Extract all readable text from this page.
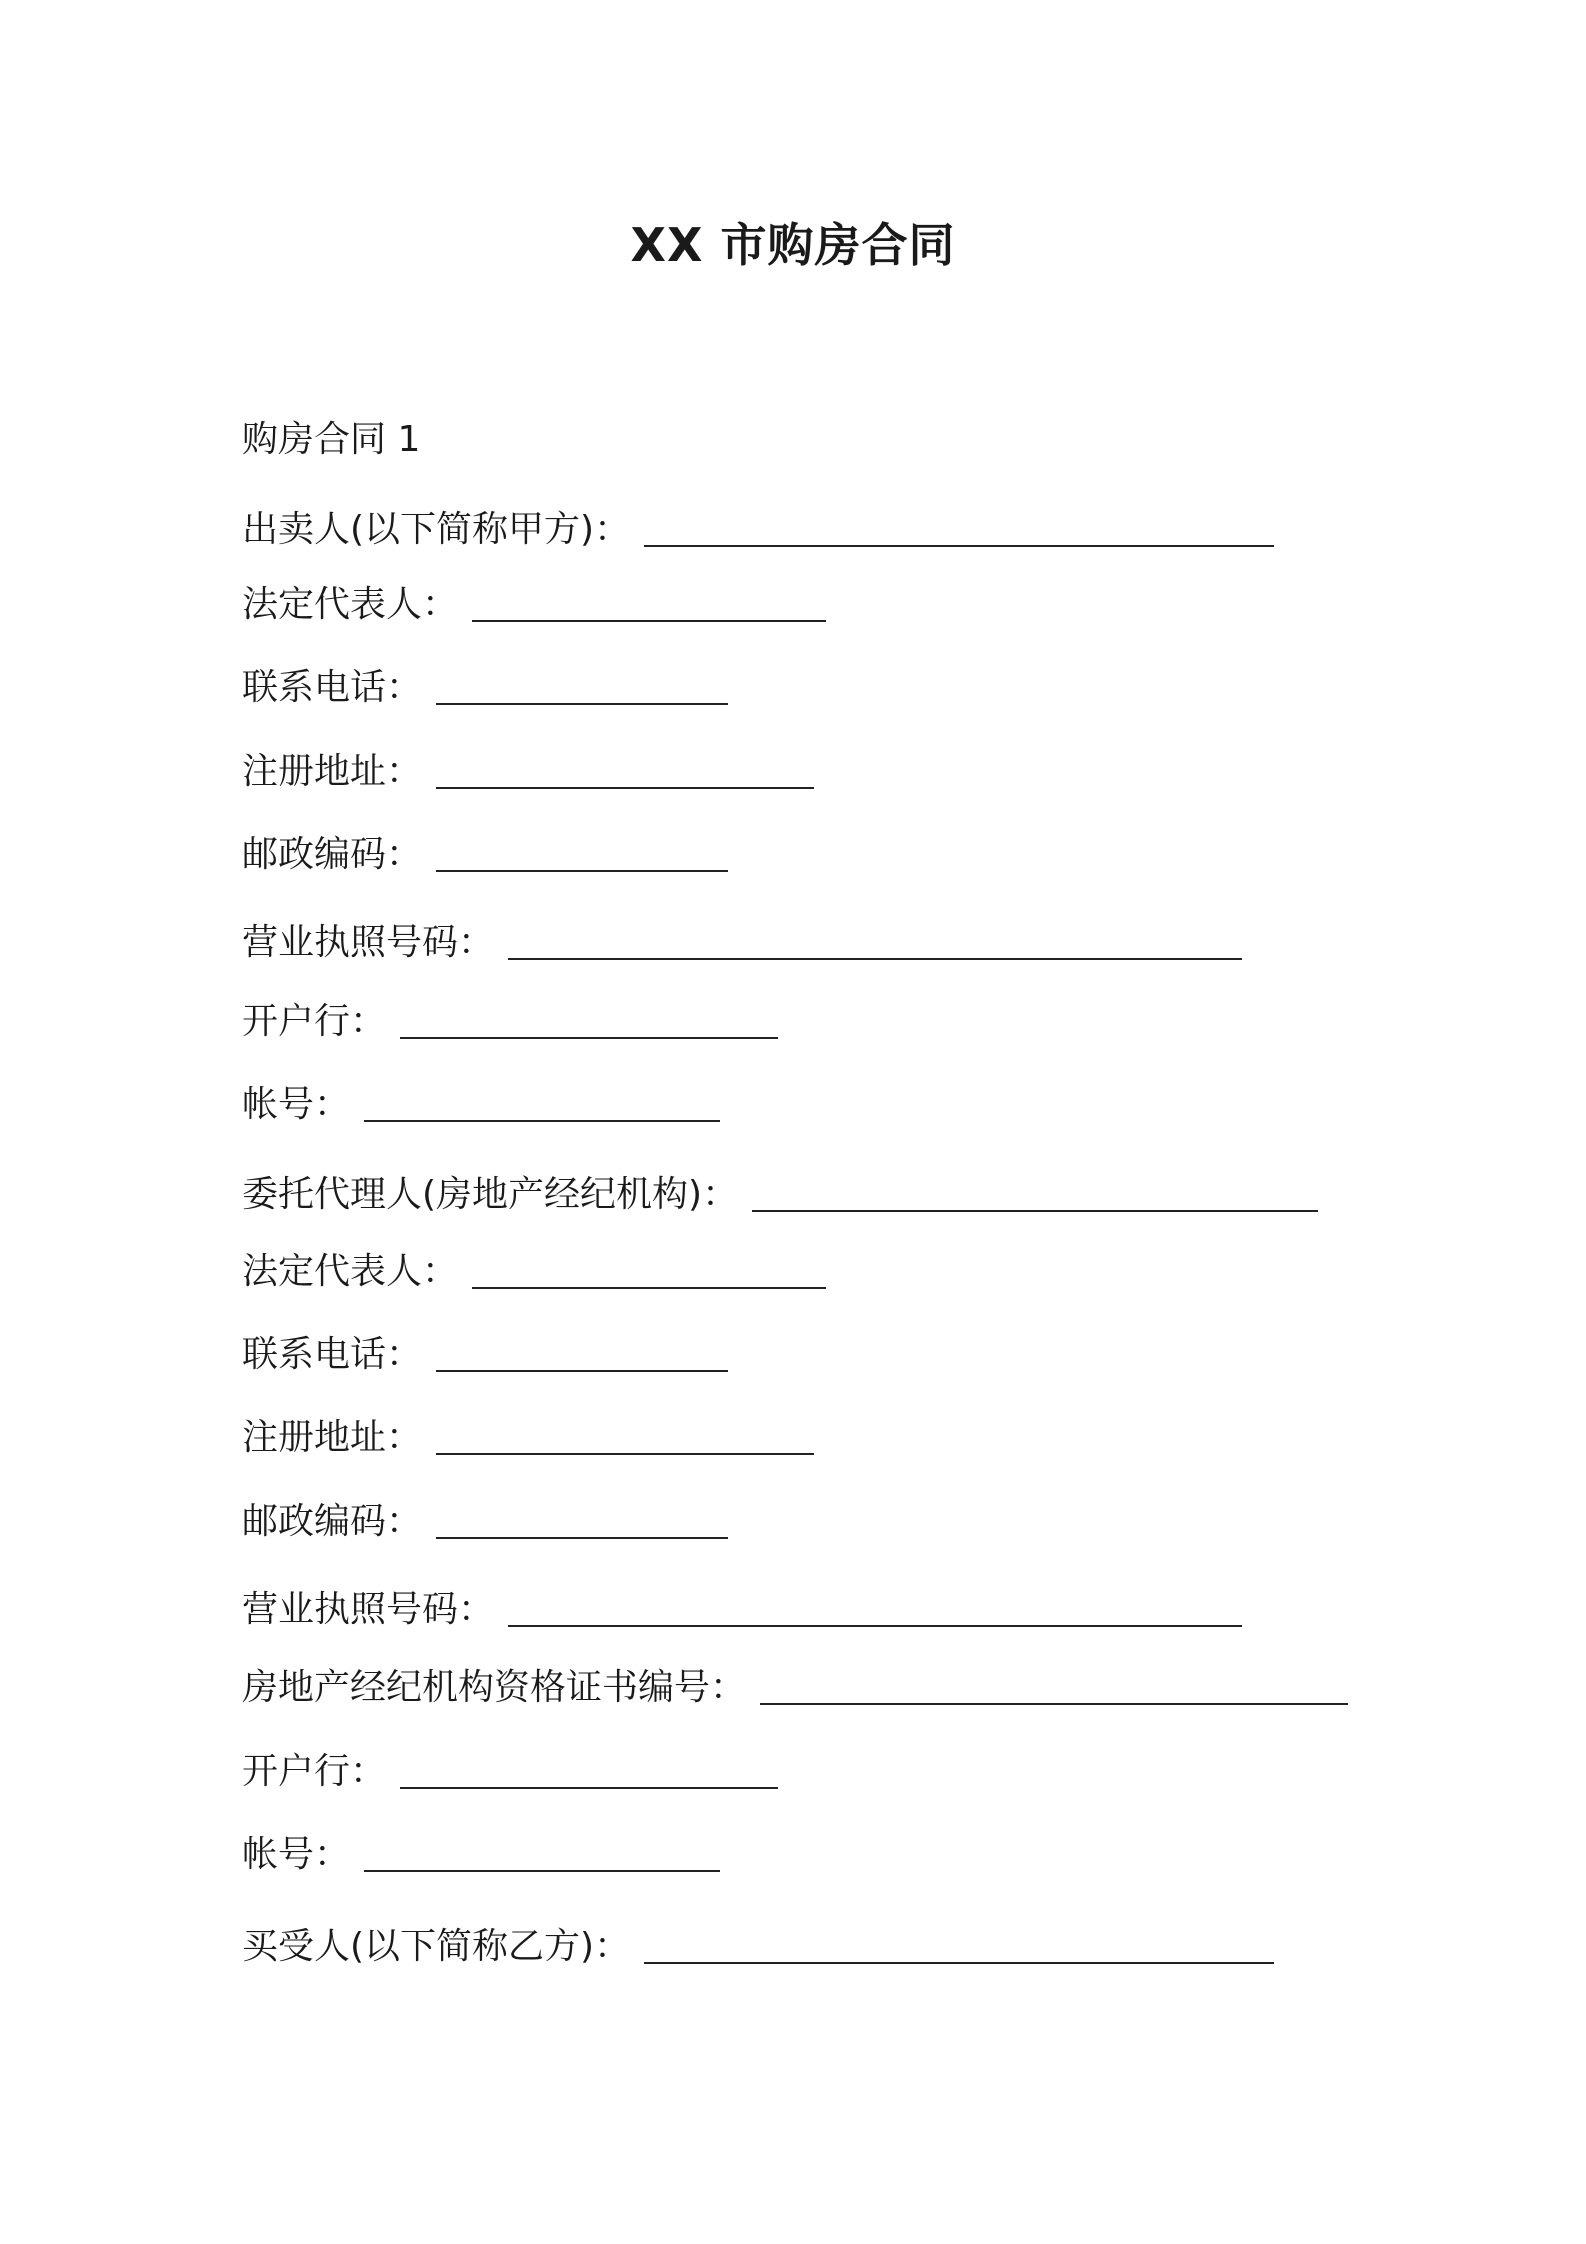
XX 市购房合同
购房合同 1
出卖人(以下简称甲方)：
法定代表人：
联系电话：
注册地址：
邮政编码：
营业执照号码：
开户行：
帐号：
委托代理人(房地产经纪机构)：
法定代表人：
联系电话：
注册地址：
邮政编码：
营业执照号码：
房地产经纪机构资格证书编号：
开户行：
帐号：
买受人(以下简称乙方)：
